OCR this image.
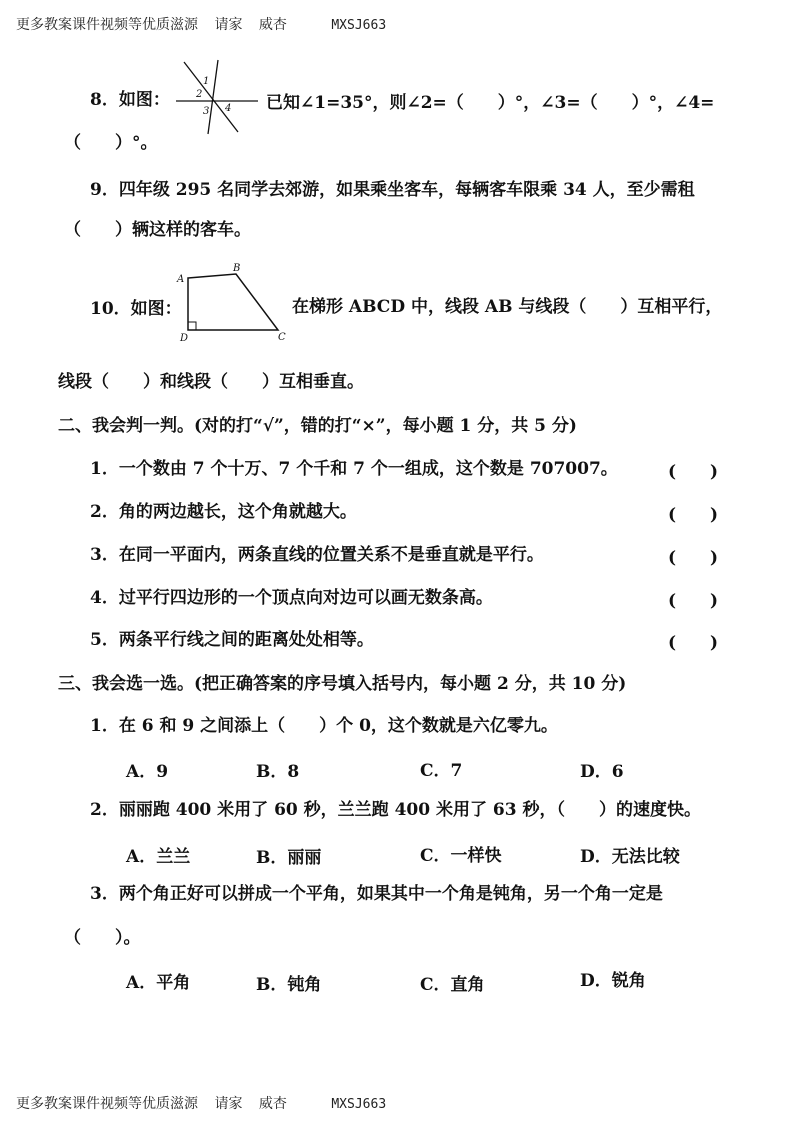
更多教案课件视频等优质滋源 请家 威杏	MXSJ663
8．如图：
1
2
3 4 已知∠1=35°，则∠2=（　　）°，∠3=（　　）°，∠4=
（　　）°。
9．四年级 295 名同学去郊游，如果乘坐客车，每辆客车限乘 34 人，至少需租
（　　）辆这样的客车。
10．如图：
A
B
C
D
在梯形 ABCD 中，线段 AB 与线段（　　）互相平行，
线段（　　）和线段（　　）互相垂直。
二、我会判一判。(对的打“√”，错的打“×”，每小题 1 分，共 5 分)
1．一个数由 7 个十万、7 个千和 7 个一组成，这个数是 707007。	(　　)
2．角的两边越长，这个角就越大。	(　　)
3．在同一平面内，两条直线的位置关系不是垂直就是平行。	(　　)
4．过平行四边形的一个顶点向对边可以画无数条高。	(　　)
5．两条平行线之间的距离处处相等。	(　　)
三、我会选一选。(把正确答案的序号填入括号内，每小题 2 分，共 10 分)
1．在 6 和 9 之间添上（　　）个 0，这个数就是六亿零九。
A．9	B．8	C．7	D．6
2．丽丽跑 400 米用了 60 秒，兰兰跑 400 米用了 63 秒，（　　）的速度快。
A．兰兰	B．丽丽	C．一样快	D．无法比较
3．两个角正好可以拼成一个平角，如果其中一个角是钝角，另一个角一定是
（　　）。
A．平角	B．钝角	C．直角	D．锐角
更多教案课件视频等优质滋源 请家 威杏	MXSJ663
